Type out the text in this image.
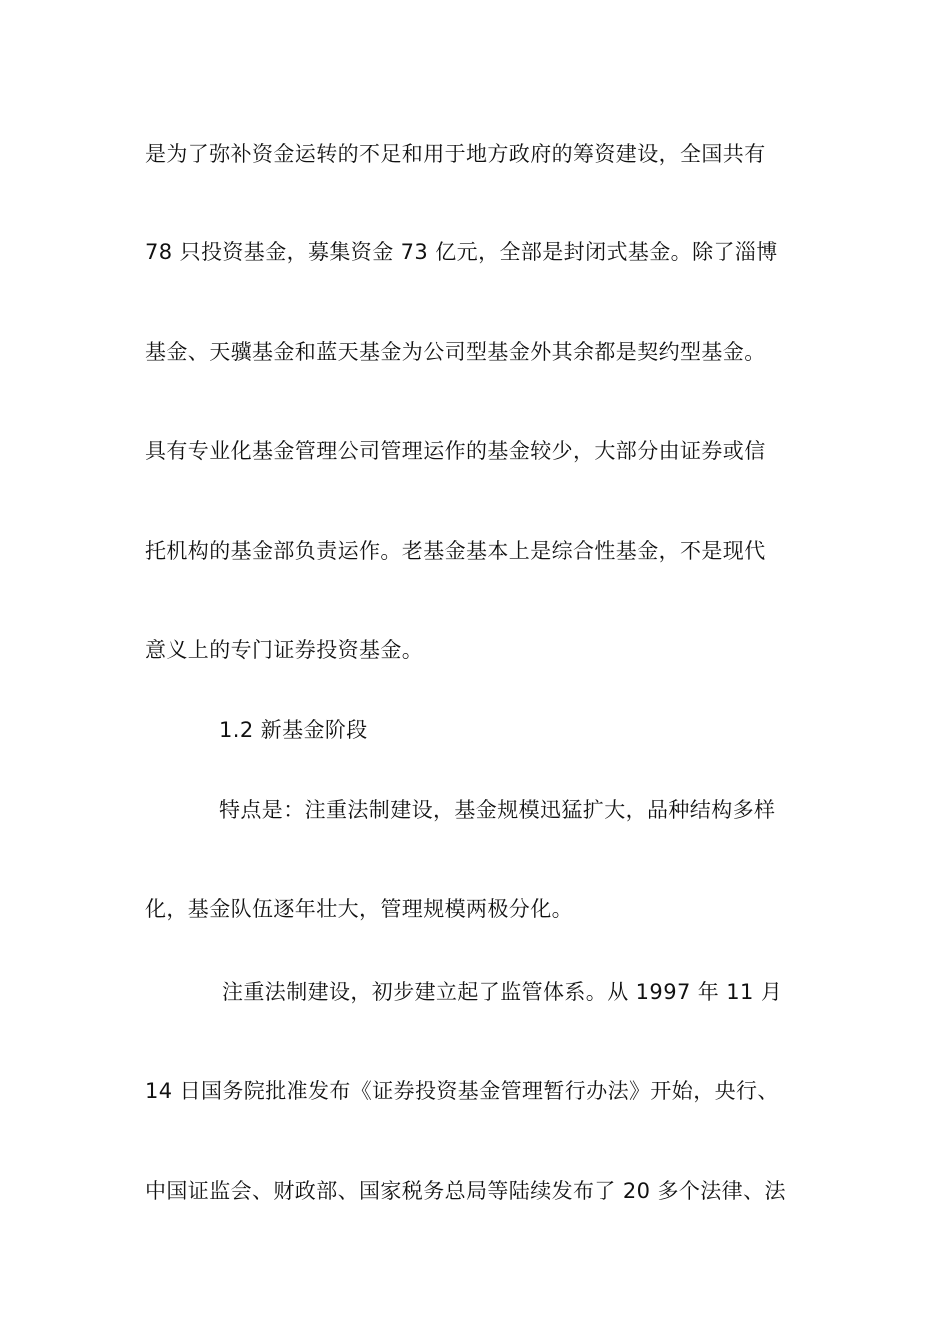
是为了弥补资金运转的不足和用于地方政府的筹资建设，全国共有
78 只投资基金，募集资金 73 亿元，全部是封闭式基金。除了淄博
基金、天骥基金和蓝天基金为公司型基金外其余都是契约型基金。
具有专业化基金管理公司管理运作的基金较少，大部分由证券或信
托机构的基金部负责运作。老基金基本上是综合性基金，不是现代
意义上的专门证券投资基金。
1.2 新基金阶段
特点是：注重法制建设，基金规模迅猛扩大，品种结构多样
化，基金队伍逐年壮大，管理规模两极分化。
注重法制建设，初步建立起了监管体系。从 1997 年 11 月
14 日国务院批准发布《证券投资基金管理暂行办法》开始，央行、
中国证监会、财政部、国家税务总局等陆续发布了 20 多个法律、法
